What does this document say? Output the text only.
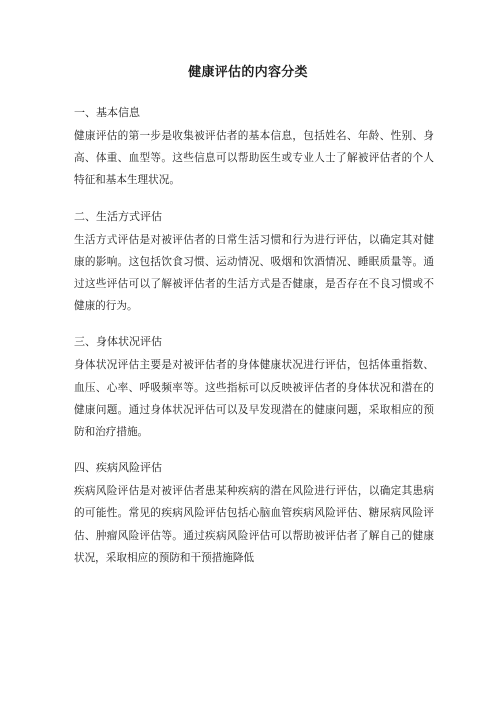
健康评估的内容分类
一、基本信息

健康评估的第一步是收集被评估者的基本信息，包括姓名、年龄、性别、身高、体重、血型等。这些信息可以帮助医生或专业人士了解被评估者的个人特征和基本生理状况。

二、生活方式评估

生活方式评估是对被评估者的日常生活习惯和行为进行评估，以确定其对健康的影响。这包括饮食习惯、运动情况、吸烟和饮酒情况、睡眠质量等。通过这些评估可以了解被评估者的生活方式是否健康，是否存在不良习惯或不健康的行为。

三、身体状况评估

身体状况评估主要是对被评估者的身体健康状况进行评估，包括体重指数、血压、心率、呼吸频率等。这些指标可以反映被评估者的身体状况和潜在的健康问题。通过身体状况评估可以及早发现潜在的健康问题，采取相应的预防和治疗措施。

四、疾病风险评估

疾病风险评估是对被评估者患某种疾病的潜在风险进行评估，以确定其患病的可能性。常见的疾病风险评估包括心脑血管疾病风险评估、糖尿病风险评估、肿瘤风险评估等。通过疾病风险评估可以帮助被评估者了解自己的健康状况，采取相应的预防和干预措施降低
